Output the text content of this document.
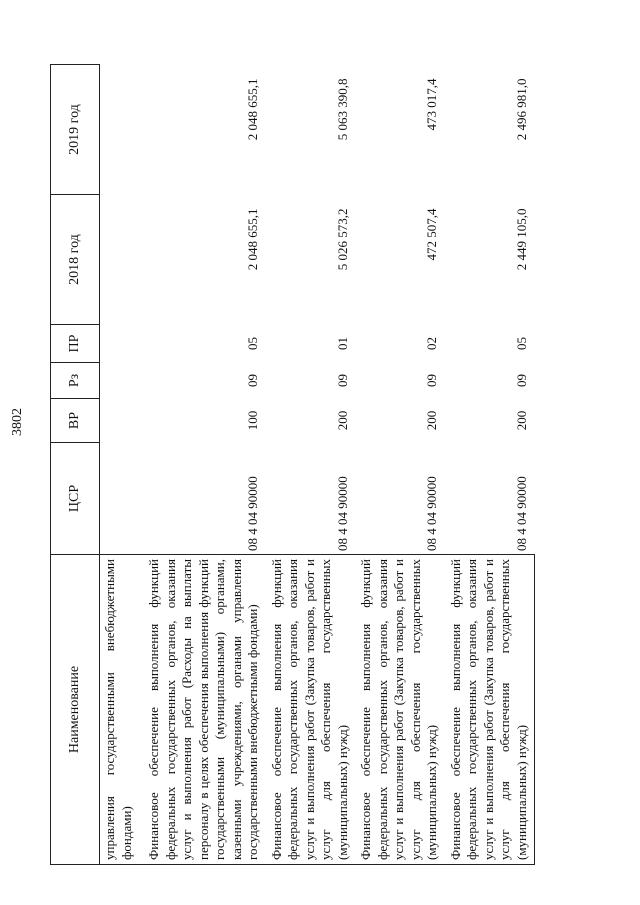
3802
Наименование	ЦСР	ВР	Рз	ПР	2018 год	2019 год
управления государственными внебюджетными фондами)						
Финансовое обеспечение выполнения функций федеральных государственных органов, оказания услуг и выполнения работ (Расходы на выплаты персоналу в целях обеспечения выполнения функций государственными (муниципальными) органами, казенными учреждениями, органами управления государственными внебюджетными фондами)	08 4 04 90000	100	09	05	2 048 655,1	2 048 655,1
Финансовое обеспечение выполнения функций федеральных государственных органов, оказания услуг и выполнения работ (Закупка товаров, работ и услуг для обеспечения государственных (муниципальных) нужд)	08 4 04 90000	200	09	01	5 026 573,2	5 063 390,8
Финансовое обеспечение выполнения функций федеральных государственных органов, оказания услуг и выполнения работ (Закупка товаров, работ и услуг для обеспечения государственных (муниципальных) нужд)	08 4 04 90000	200	09	02	472 507,4	473 017,4
Финансовое обеспечение выполнения функций федеральных государственных органов, оказания услуг и выполнения работ (Закупка товаров, работ и услуг для обеспечения государственных (муниципальных) нужд)	08 4 04 90000	200	09	05	2 449 105,0	2 496 981,0
